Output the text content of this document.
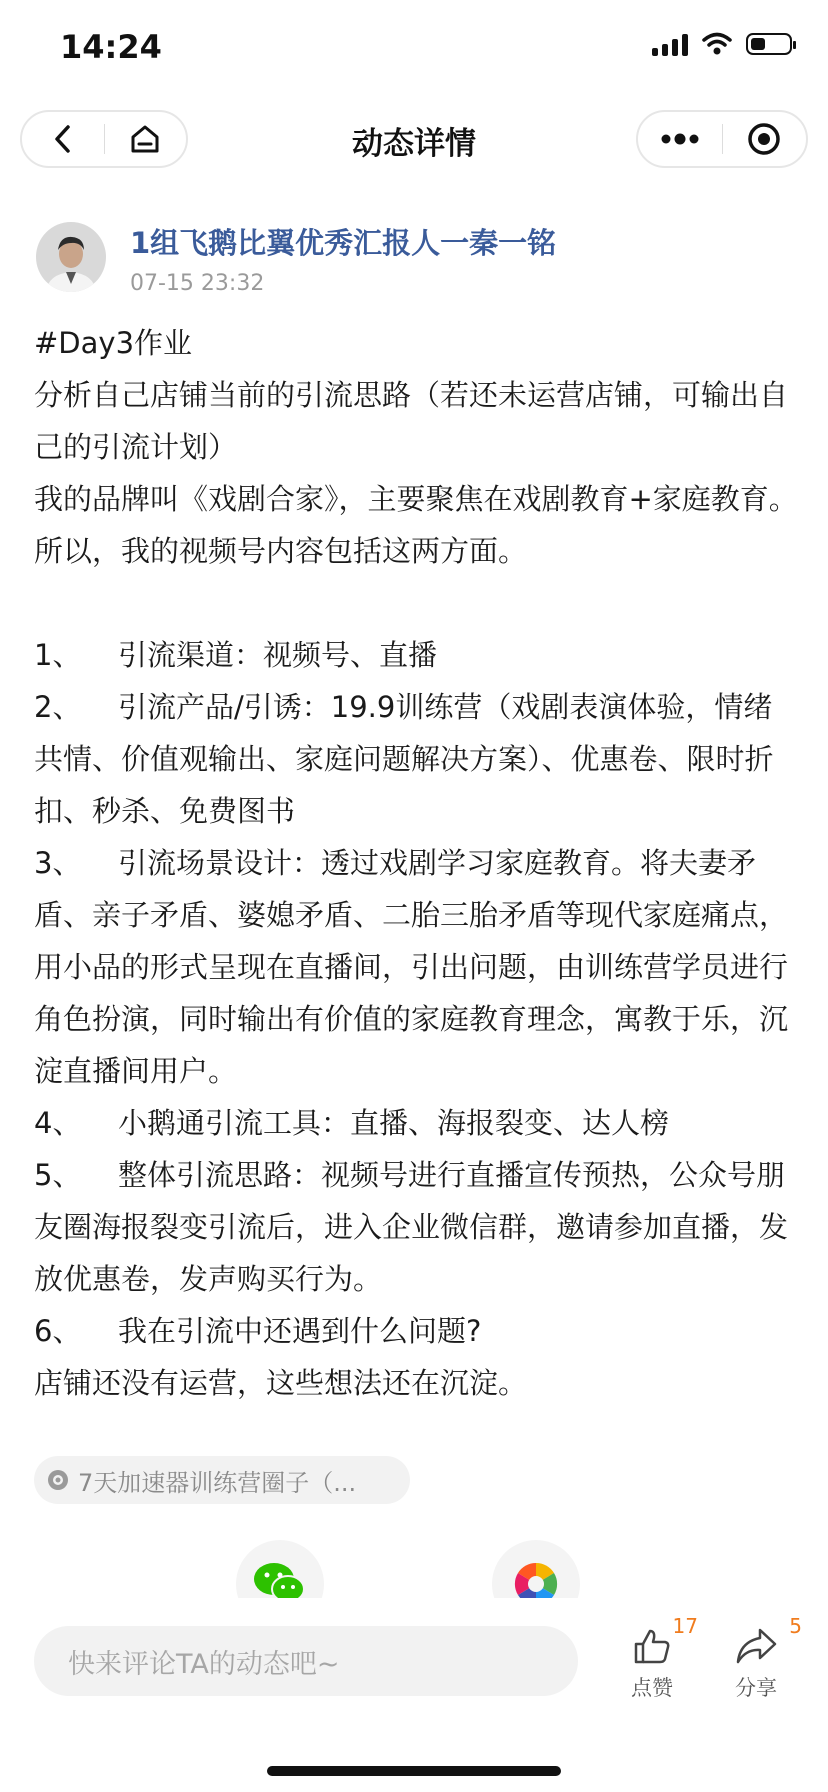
14:24
动态详情
1组飞鹅比翼优秀汇报人一秦一铭
07-15 23:32

#Day3作业

分析自己店铺当前的引流思路（若还未运营店铺，可输出自己的引流计划）

我的品牌叫《戏剧合家》，主要聚焦在戏剧教育+家庭教育。所以，我的视频号内容包括这两方面。

1、 引流渠道：视频号、直播

2、 引流产品/引诱：19.9训练营（戏剧表演体验，情绪共情、价值观输出、家庭问题解决方案）、优惠卷、限时折扣、秒杀、免费图书

3、 引流场景设计：透过戏剧学习家庭教育。将夫妻矛盾、亲子矛盾、婆媳矛盾、二胎三胎矛盾等现代家庭痛点，用小品的形式呈现在直播间，引出问题，由训练营学员进行角色扮演，同时输出有价值的家庭教育理念，寓教于乐，沉淀直播间用户。

4、 小鹅通引流工具：直播、海报裂变、达人榜

5、 整体引流思路：视频号进行直播宣传预热，公众号朋友圈海报裂变引流后，进入企业微信群，邀请参加直播，发放优惠卷，发声购买行为。

6、 我在引流中还遇到什么问题?

店铺还没有运营，这些想法还在沉淀。

7天加速器训练营圈子（...
快来评论TA的动态吧~
17
点赞
5
分享
